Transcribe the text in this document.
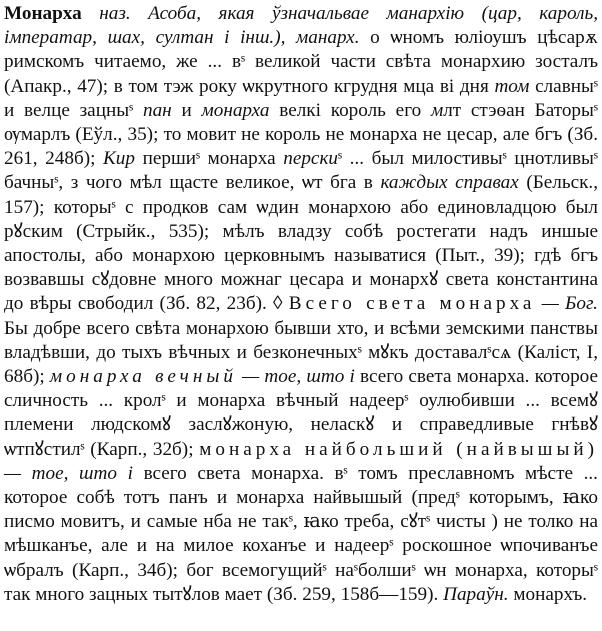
Монарха наз. Асоба, якая ўзначальвае манархію (цар, кароль, імператар, шах, султан і інш.), манарх. о ѡномъ юліоушъ цѣсарѫ римскомъ читаемо, же ... вˢ великой части свѣта монархию зосталъ (Апакр., 47); в том тэж року ѡкрутного кгрудня мца ві дня том славныˢ и велце зацныˢ пан и монарха велкі король его млт стэѳан Баторыˢ ѹмарлъ (Еўл., 35); то мовит не король не монарха не цесар, але бгъ (Зб. 261, 248б); Кир першиˢ монарха перскиˢ ... был милостивыˢ цнотливыˢ бачныˢ, з чого мѣл щасте великое, ѡт бга в каждых справах (Бельск., 157); которыˢ с продков сам ѡдин монархою або единовладцою был рꙋским (Стрыйк., 535); мѣлъ владзу собѣ ростегати надъ иншые апостолы, або монархою церковнымъ называтися (Пыт., 39); гдѣ бгъ возвавшы сꙋдовне много можнаг цесара и монархꙋ света константина до вѣры свободил (Зб. 82, 23б). ◊ Всего света монарха — Бог. Бы добре всего свѣта монархою бывши хто, и всѣми земскими панствы владѣвши, до тыхъ вѣчных и безконечныхˢ мꙋкъ доставалˢсѧ (Каліст, I, 68б); монарха вечный — тое, што і всего света монарха. которое сличность ... кролˢ и монарха вѣчный надеерˢ оулюбивши ... всемꙋ племени людскомꙋ заслꙋжоную, неласкꙋ и справедливые гнѣвꙋ ѡтпꙋстилˢ (Карп., 32б); монарха найбольший (найвышый) — тое, што і всего света монарха. вˢ томъ преславномъ мѣсте ... которое собѣ тотъ панъ и монарха найвышый (предˢ которымъ, ꙗко писмо мовитъ, и самые нба не такˢ, ꙗко треба, сꙋтˢ чисты ) не толко на мѣшканъе, але и на милое коханъе и надеерˢ роскошное ѡпочиванъе ѡбралъ (Карп., 34б); бог всемогущийˢ наˢболшиˢ ѡн монарха, которыˢ так много зацных тытꙋлов мает (Зб. 259, 158б—159). Параўн. монархъ.
